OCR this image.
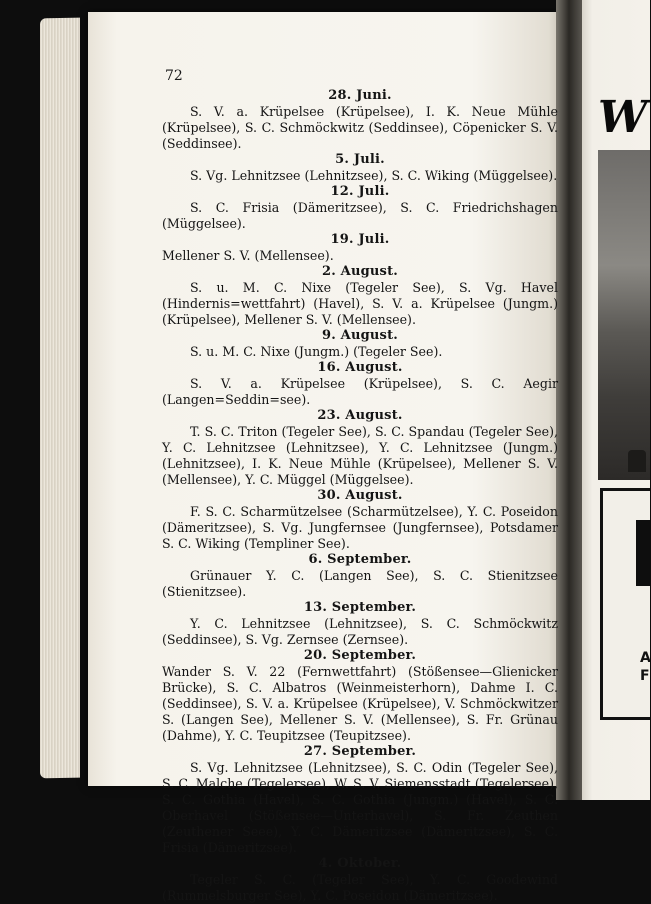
W
A
F
72
28. Juni.
S. V. a. Krüpelsee (Krüpelsee), I. K. Neue Mühle (Krüpelsee), S. C. Schmöckwitz (Seddinsee), Cöpenicker S. V. (Seddinsee).
5. Juli.
S. Vg. Lehnitzsee (Lehnitzsee), S. C. Wiking (Müggelsee).
12. Juli.
S. C. Frisia (Dämeritzsee), S. C. Friedrichshagen (Müggelsee).
19. Juli.
Mellener S. V. (Mellensee).
2. August.
S. u. M. C. Nixe (Tegeler See), S. Vg. Havel (Hindernis=wettfahrt) (Havel), S. V. a. Krüpelsee (Jungm.) (Krüpelsee), Mellener S. V. (Mellensee).
9. August.
S. u. M. C. Nixe (Jungm.) (Tegeler See).
16. August.
S. V. a. Krüpelsee (Krüpelsee), S. C. Aegir (Langen=Seddin=see).
23. August.
T. S. C. Triton (Tegeler See), S. C. Spandau (Tegeler See), Y. C. Lehnitzsee (Lehnitzsee), Y. C. Lehnitzsee (Jungm.) (Lehnitzsee), I. K. Neue Mühle (Krüpelsee), Mellener S. V. (Mellensee), Y. C. Müggel (Müggelsee).
30. August.
F. S. C. Scharmützelsee (Scharmützelsee), Y. C. Poseidon (Dämeritzsee), S. Vg. Jungfernsee (Jungfernsee), Potsdamer S. C. Wiking (Templiner See).
6. September.
Grünauer Y. C. (Langen See), S. C. Stienitzsee (Stienitzsee).
13. September.
Y. C. Lehnitzsee (Lehnitzsee), S. C. Schmöckwitz (Seddinsee), S. Vg. Zernsee (Zernsee).
20. September.
Wander S. V. 22 (Fernwettfahrt) (Stößensee—Glienicker Brücke), S. C. Albatros (Weinmeisterhorn), Dahme I. C. (Seddinsee), S. V. a. Krüpelsee (Krüpelsee), V. Schmöckwitzer S. (Langen See), Mellener S. V. (Mellensee), S. Fr. Grünau (Dahme), Y. C. Teupitzsee (Teupitzsee).
27. September.
S. Vg. Lehnitzsee (Lehnitzsee), S. C. Odin (Tegeler See), S. C. Malche (Tegelersee), W. S. V. Siemensstadt (Tegelersee), S. C. Gothia (Havel), S. C. Gothia (Jungm.) (Havel), S. C. Oberhavel (Stößensee—Unterhavel), S. Fr. Zeuthen (Zeuthener Seee), Y. C. Dämeritzsee (Dämeritzsee), S. C. Frisia (Dämeritzsee).
4. Oktober.
Tegeler S. C. (Tegeler See), Y. C. Goodewind (Rummelsburger See), Y. C. Poseidon (Dämeritzsee).
